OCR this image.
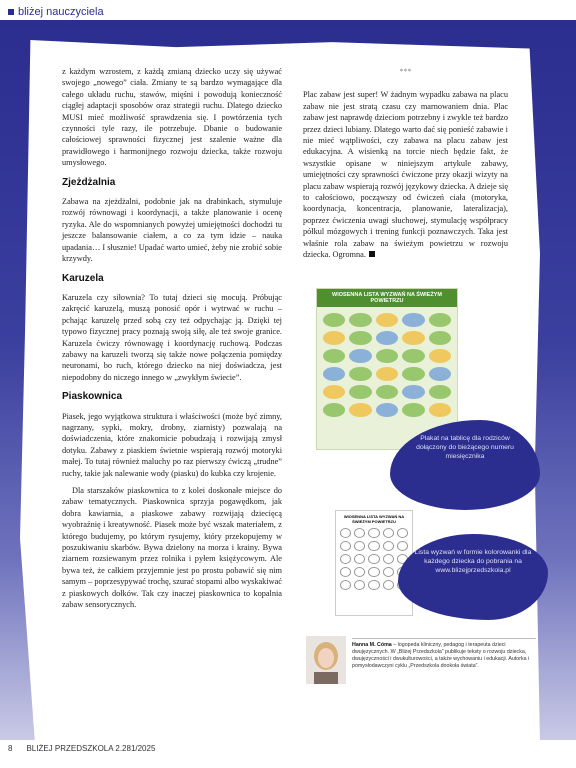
bliżej nauczyciela

z każdym wzrostem, z każdą zmianą dziecko uczy się używać swojego „nowego” ciała. Zmiany te są bardzo wymagające dla całego układu ruchu, stawów, mięśni i powodują konieczność ciągłej adaptacji sposobów oraz strategii ruchu. Dlatego dziecko MUSI mieć możliwość sprawdzenia się. I powtórzenia tych czynności tyle razy, ile potrzebuje. Dbanie o budowanie całościowej sprawności fizycznej jest szalenie ważne dla prawidłowego i harmonijnego rozwoju dziecka, także rozwoju umysłowego.

Zjeżdżalnia

Zabawa na zjeżdżalni, podobnie jak na drabinkach, stymuluje rozwój równowagi i koordynacji, a także planowanie i ocenę ryzyka. Ale do wspomnianych powyżej umiejętności dochodzi tu jeszcze balansowanie ciałem, a co za tym idzie – nauka upadania… I słusznie! Upadać warto umieć, żeby nie zrobić sobie krzywdy.

Karuzela

Karuzela czy siłownia? To tutaj dzieci się mocują. Próbując zakręcić karuzelą, muszą ponosić opór i wytrwać w ruchu – pchając karuzelę przed sobą czy też odpychając ją. Dzięki tej typowo fizycznej pracy poznają swoją siłę, ale też swoje granice. Karuzela ćwiczy równowagę i koordynację ruchową. Podczas zabawy na karuzeli tworzą się także nowe połączenia pomiędzy neuronami, bo ruch, którego dziecko na niej doświadcza, jest niepodobny do niczego innego w „zwykłym świecie”.

Piaskownica

Piasek, jego wyjątkowa struktura i właściwości (może być zimny, nagrzany, sypki, mokry, drobny, ziarnisty) pozwalają na doświadczenia, które znakomicie pobudzają i rozwijają zmysł dotyku. Zabawy z piaskiem świetnie wspierają rozwój motoryki małej. To tutaj również maluchy po raz pierwszy ćwiczą „trudne” ruchy, takie jak nalewanie wody (piasku) do kubka czy krojenie.

Dla starszaków piaskownica to z kolei doskonałe miejsce do zabaw tematycznych. Piaskownica sprzyja pogawędkom, jak dobra kawiarnia, a piaskowe zabawy rozwijają dziecięcą wyobraźnię i kreatywność. Piasek może być wszak materiałem, z którego budujemy, po którym rysujemy, który przekopujemy w poszukiwaniu skarbów. Bywa dzielony na morza i krainy. Bywa ziarnem rozsiewanym przez rolnika i pyłem księżycowym. Ale bywa też, że całkiem przyjemnie jest po prostu pobawić się nim samym – poprzesypywać trochę, szurać stopami albo wyskakiwać z piaskowych dołków. Tak czy inaczej piaskownica to kopalnia zabaw sensorycznych.

***

Plac zabaw jest super! W żadnym wypadku zabawa na placu zabaw nie jest stratą czasu czy marnowaniem dnia. Plac zabaw jest naprawdę dzieciom potrzebny i zwykle też bardzo przez dzieci lubiany. Dlatego warto dać się ponieść zabawie i nie mieć wątpliwości, czy zabawa na placu zabaw jest edukacyjna. A wisienką na torcie niech będzie fakt, że wszystkie opisane w niniejszym artykule zabawy, umiejętności czy sprawności ćwiczone przy okazji wizyty na placu zabaw wspierają rozwój językowy dziecka. A dzieje się to całościowo, począwszy od ćwiczeń ciała (motoryka, koordynacja, koncentracja, planowanie, lateralizacja), poprzez ćwiczenia uwagi słuchowej, stymulację współpracy półkul mózgowych i trening funkcji poznawczych. Taka jest właśnie rola zabaw na świeżym powietrzu w rozwoju dziecka. Ogromna.

WIOSENNA LISTA WYZWAŃ NA ŚWIEŻYM POWIETRZU
Plakat na tablicę dla rodziców dołączony do bieżącego numeru miesięcznika
WIOSENNA LISTA WYZWAŃ NA ŚWIEŻYM POWIETRZU
Lista wyzwań w formie kolorowanki dla każdego dziecka do pobrania na www.blizejprzedszkola.pl
Hanna M. Cóma – logopeda kliniczny, pedagog i terapeuta dzieci dwujęzycznych. W „Bliżej Przedszkola” publikuje teksty o rozwoju dziecka, dwujęzyczności i dwukulturowości, a także wychowaniu i edukacji. Autorka i pomysłodawczyni cyklu „Przedszkola dookoła świata”.
8 BLIŻEJ PRZEDSZKOLA 2.281/2025
